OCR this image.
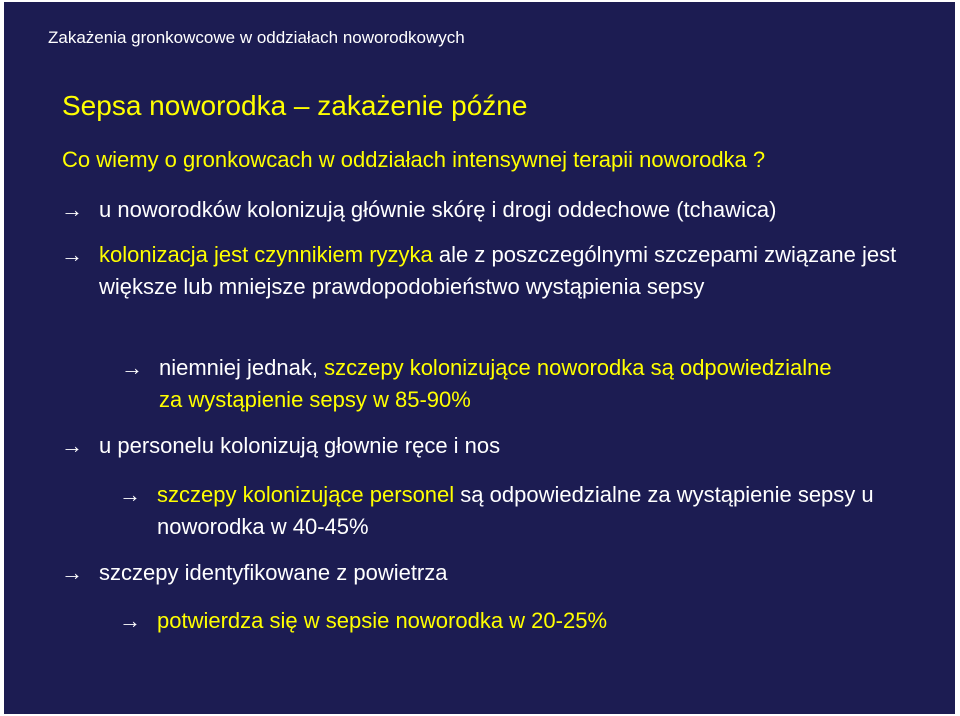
Zakażenia gronkowcowe w oddziałach noworodkowych
Sepsa noworodka – zakażenie późne
Co wiemy o gronkowcach w oddziałach intensywnej terapii noworodka ?
→ u noworodków kolonizują głównie skórę i drogi oddechowe (tchawica)
→ kolonizacja jest czynnikiem ryzyka ale z poszczególnymi szczepami związane jest większe lub mniejsze prawdopodobieństwo wystąpienia sepsy
→ niemniej jednak, szczepy kolonizujące noworodka są odpowiedzialne za wystąpienie sepsy w 85-90%
→ u personelu kolonizują głownie ręce i nos
→ szczepy kolonizujące personel są odpowiedzialne za wystąpienie sepsy u noworodka w 40-45%
→ szczepy identyfikowane z powietrza
→ potwierdza się w sepsie noworodka w 20-25%
